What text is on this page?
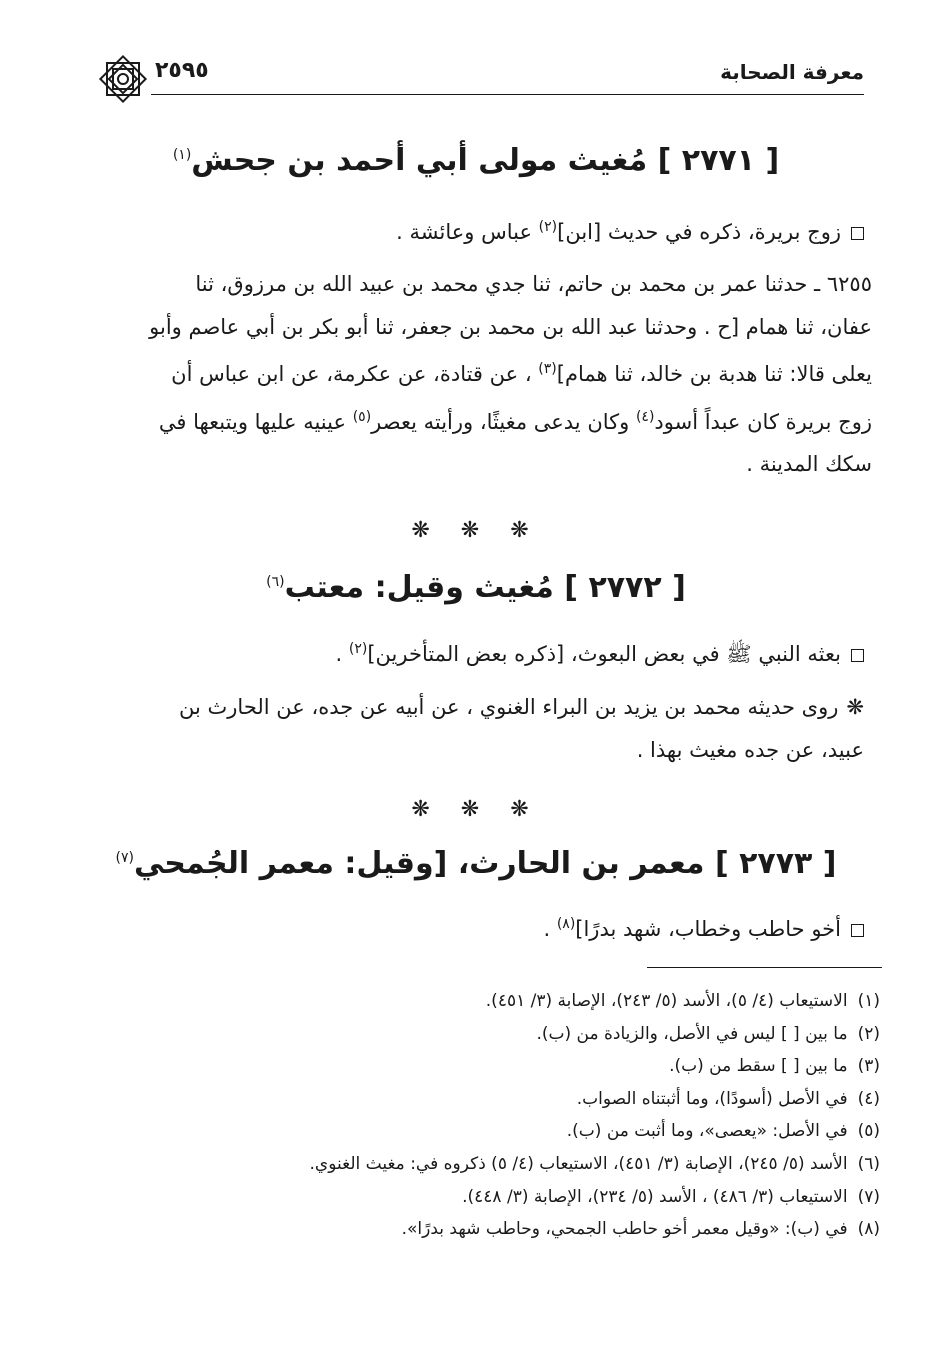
معرفة الصحابة
٢٥٩٥
[ ٢٧٧١ ] مُغيث مولى أبي أحمد بن جحش$^{(١)}$
زوج بريرة، ذكره في حديث [ابن]$^{(٢)}$ عباس وعائشة .
٦٢٥٥ ـ حدثنا عمر بن محمد بن حاتم، ثنا جدي محمد بن عبيد الله بن مرزوق، ثنا
عفان، ثنا همام [ح . وحدثنا عبد الله بن محمد بن جعفر، ثنا أبو بكر بن أبي عاصم وأبو
يعلى قالا: ثنا هدبة بن خالد، ثنا همام]$^{(٣)}$ ، عن قتادة، عن عكرمة، عن ابن عباس أن
زوج بريرة كان عبداً أسود$^{(٤)}$ وكان يدعى مغيثًا، ورأيته يعصر$^{(٥)}$ عينيه عليها ويتبعها في
سكك المدينة .
❋ ❋ ❋
[ ٢٧٧٢ ] مُغيث وقيل: معتب$^{(٦)}$
بعثه النبي ﷺ في بعض البعوث، [ذكره بعض المتأخرين]$^{(٢)}$ .
❋روى حديثه محمد بن يزيد بن البراء الغنوي ، عن أبيه عن جده، عن الحارث بن
عبيد، عن جده مغيث بهذا .
❋ ❋ ❋
[ ٢٧٧٣ ] معمر بن الحارث، [وقيل: معمر الجُمحي$^{(٧)}$
أخو حاطب وخطاب، شهد بدرًا]$^{(٨)}$ .
(١)الاستيعاب (٤/ ٥)، الأسد (٥/ ٢٤٣)، الإصابة (٣/ ٤٥١).
(٢)ما بين [ ] ليس في الأصل، والزيادة من (ب).
(٣)ما بين [ ] سقط من (ب).
(٤)في الأصل (أسودًا)، وما أثبتناه الصواب.
(٥)في الأصل: «يعصى»، وما أثبت من (ب).
(٦)الأسد (٥/ ٢٤٥)، الإصابة (٣/ ٤٥١)، الاستيعاب (٤/ ٥) ذكروه في: مغيث الغنوي.
(٧)الاستيعاب (٣/ ٤٨٦) ، الأسد (٥/ ٢٣٤)، الإصابة (٣/ ٤٤٨).
(٨)في (ب): «وقيل معمر أخو حاطب الجمحي، وحاطب شهد بدرًا».
